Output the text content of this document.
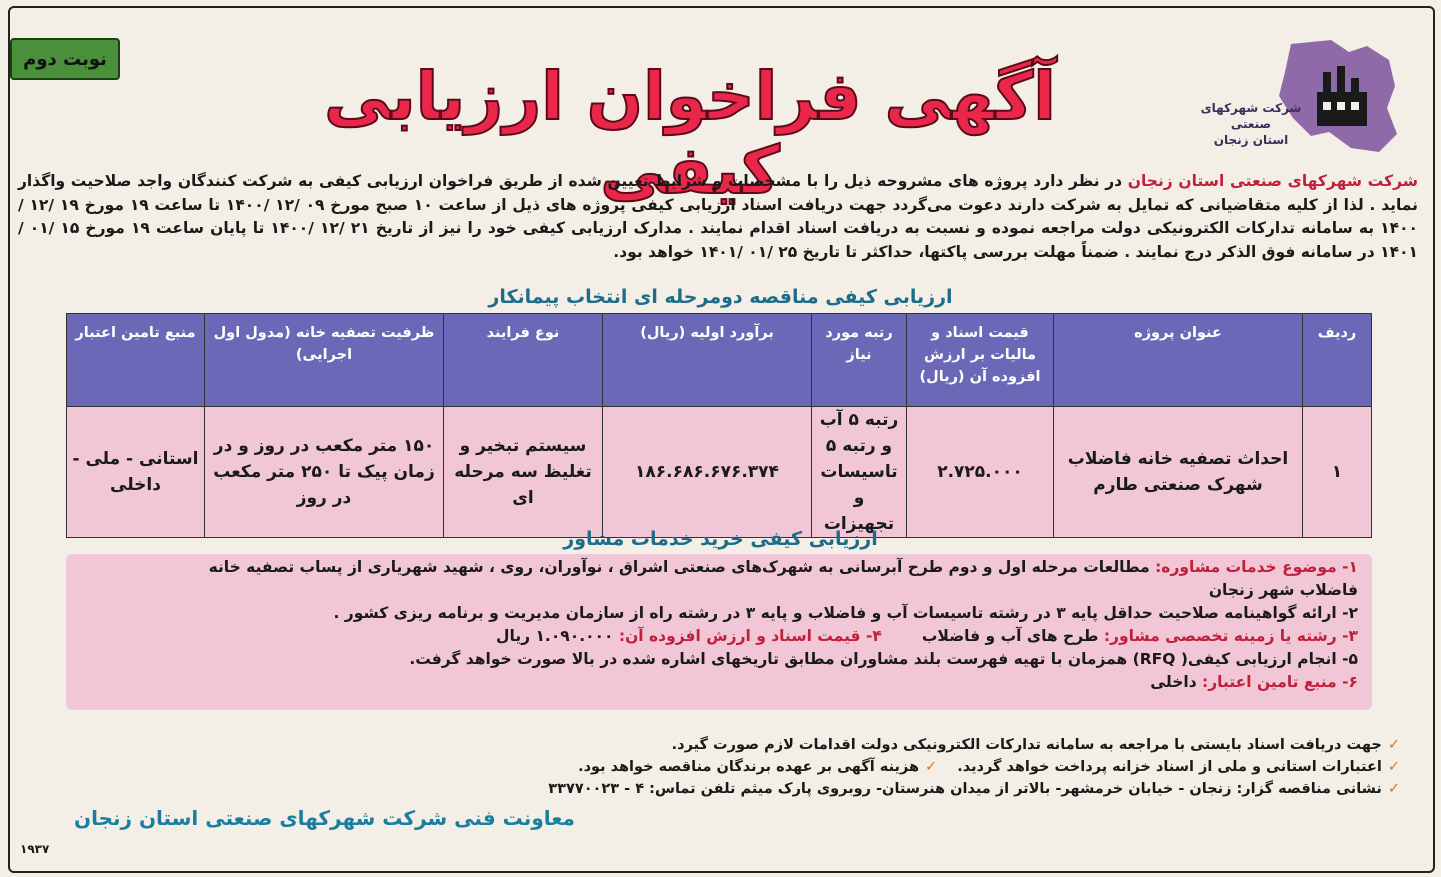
نوبت دوم	آگهی فراخوان ارزیابی کیفی
شرکت شهرکهای صنعتی
استان زنجان
شرکت شهرکهای صنعتی استان زنجان در نظر دارد پروژه های مشروحه ذیل را با مشخصات و شرایط تعیین شده از طریق فراخوان ارزیابی کیفی به شرکت کنندگان واجد صلاحیت واگذار نماید . لذا از کلیه متقاضیانی که تمایل به شرکت دارند دعوت می‌گردد جهت دریافت اسناد ارزیابی کیفی پروژه های ذیل از ساعت ۱۰ صبح مورخ ۰۹ /۱۲ /۱۴۰۰ تا ساعت ۱۹ مورخ ۱۹ /۱۲ /۱۴۰۰ به سامانه تدارکات الکترونیکی دولت مراجعه نموده و نسبت به دریافت اسناد اقدام نمایند . مدارک ارزیابی کیفی خود را نیز از تاریخ ۲۱ /۱۲ /۱۴۰۰ تا پایان ساعت ۱۹ مورخ ۱۵ /۰۱ /۱۴۰۱ در سامانه فوق الذکر درج نمایند . ضمناً مهلت بررسی پاکتها، حداکثر تا تاریخ ۲۵ /۰۱ /۱۴۰۱ خواهد بود.
ارزیابی کیفی مناقصه دومرحله ای انتخاب پیمانکار
ردیف	عنوان پروژه	قیمت اسناد و مالیات بر ارزش افزوده آن (ریال)	رتبه مورد نیاز	برآورد اولیه (ریال)	نوع فرایند	ظرفیت تصفیه خانه (مدول اول اجرایی)	منبع تامین اعتبار
۱	احداث تصفیه خانه فاضلاب شهرک صنعتی طارم	۲.۷۲۵.۰۰۰	رتبه ۵ آب و رتبه ۵ تاسیسات و تجهیزات	۱۸۶.۶۸۶.۶۷۶.۳۷۴	سیستم تبخیر و تغلیظ سه مرحله ای	۱۵۰ متر مکعب در روز و در زمان پیک تا ۲۵۰ متر مکعب در روز	استانی - ملی - داخلی
ارزیابی کیفی خرید خدمات مشاور
۱- موضوع خدمات مشاوره: مطالعات مرحله اول و دوم طرح آبرسانی به شهرک‌های صنعتی اشراق ، نوآوران، روی ، شهید شهریاری از پساب تصفیه خانه
فاضلاب شهر زنجان
۲- ارائه گواهینامه صلاحیت حداقل پایه ۳ در رشته تاسیسات آب و فاضلاب و پایه ۳ در رشته راه از سازمان مدیریت و برنامه ریزی کشور .
۳- رشته یا زمینه تخصصی مشاور: طرح های آب و فاضلاب۴- قیمت اسناد و ارزش افزوده آن: ۱.۰۹۰.۰۰۰ ریال
۵- انجام ارزیابی کیفی( RFQ) همزمان با تهیه فهرست بلند مشاوران مطابق تاریخهای اشاره شده در بالا صورت خواهد گرفت.
۶- منبع تامین اعتبار: داخلی
✓جهت دریافت اسناد بایستی با مراجعه به سامانه تدارکات الکترونیکی دولت اقدامات لازم صورت گیرد.
✓اعتبارات استانی و ملی از اسناد خزانه پرداخت خواهد گردید.
✓هزینه آگهی بر عهده برندگان مناقصه خواهد بود.
✓نشانی مناقصه گزار: زنجان - خیابان خرمشهر- بالاتر از میدان هنرستان- روبروی پارک میثم تلفن تماس: ۴ - ۳۳۷۷۰۰۲۳
معاونت فنی شرکت شهرکهای صنعتی استان زنجان
۱۹۳۷
